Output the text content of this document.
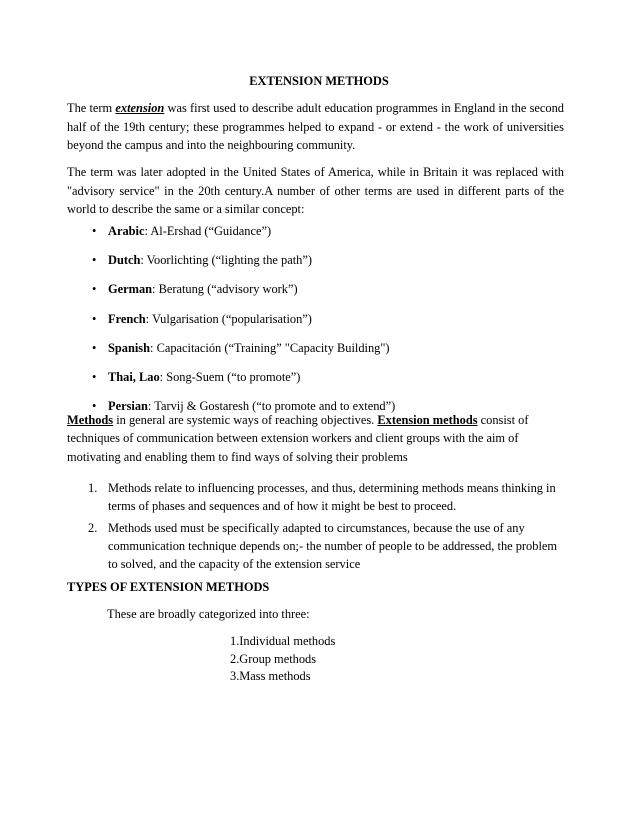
EXTENSION METHODS

The term extension was first used to describe adult education programmes in England in the second half of the 19th century; these programmes helped to expand - or extend - the work of universities beyond the campus and into the neighbouring community.

The term was later adopted in the United States of America, while in Britain it was replaced with "advisory service" in the 20th century.A number of other terms are used in different parts of the world to describe the same or a similar concept:

• Arabic: Al-Ershad (“Guidance”)
• Dutch: Voorlichting (“lighting the path”)
• German: Beratung (“advisory work”)
• French: Vulgarisation (“popularisation”)
• Spanish: Capacitación (“Training” "Capacity Building")
• Thai, Lao: Song-Suem (“to promote”)
• Persian: Tarvij & Gostaresh (“to promote and to extend”)

Methods in general are systemic ways of reaching objectives. Extension methods consist of techniques of communication between extension workers and client groups with the aim of motivating and enabling them to find ways of solving their problems

1. Methods relate to influencing processes, and thus, determining methods means thinking in terms of phases and sequences and of how it might be best to proceed.
2. Methods used must be specifically adapted to circumstances, because the use of any communication technique depends on;- the number of people to be addressed, the problem to solved, and the capacity of the extension service
TYPES OF EXTENSION METHODS

These are broadly categorized into three:

1.Individual methods
2.Group methods
3.Mass methods
